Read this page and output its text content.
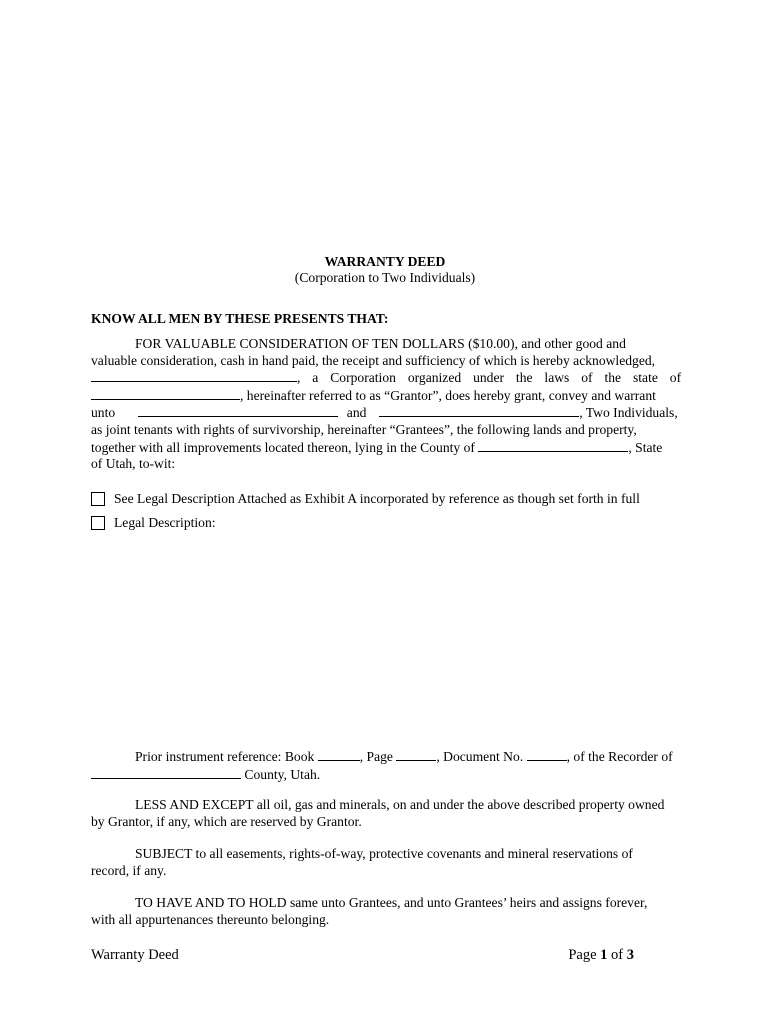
WARRANTY DEED
(Corporation to Two Individuals)
KNOW ALL MEN BY THESE PRESENTS THAT:
FOR VALUABLE CONSIDERATION OF TEN DOLLARS ($10.00), and other good and
valuable consideration, cash in hand paid, the receipt and sufficiency of which is hereby acknowledged,
, a Corporation organized under the laws of the state of
, hereinafter referred to as “Grantor”, does hereby grant, convey and warrant
unto	and	, Two Individuals,
as joint tenants with rights of survivorship, hereinafter “Grantees”, the following lands and property,
together with all improvements located thereon, lying in the County of	, State
of Utah, to-wit:
See Legal Description Attached as Exhibit A incorporated by reference as though set forth in full
Legal Description:
Prior instrument reference: Book	, Page	, Document No.	, of the Recorder of
County, Utah.
LESS AND EXCEPT all oil, gas and minerals, on and under the above described property owned
by Grantor, if any, which are reserved by Grantor.
SUBJECT to all easements, rights-of-way, protective covenants and mineral reservations of
record, if any.
TO HAVE AND TO HOLD same unto Grantees, and unto Grantees’ heirs and assigns forever,
with all appurtenances thereunto belonging.
Warranty Deed	Page 1 of 3
